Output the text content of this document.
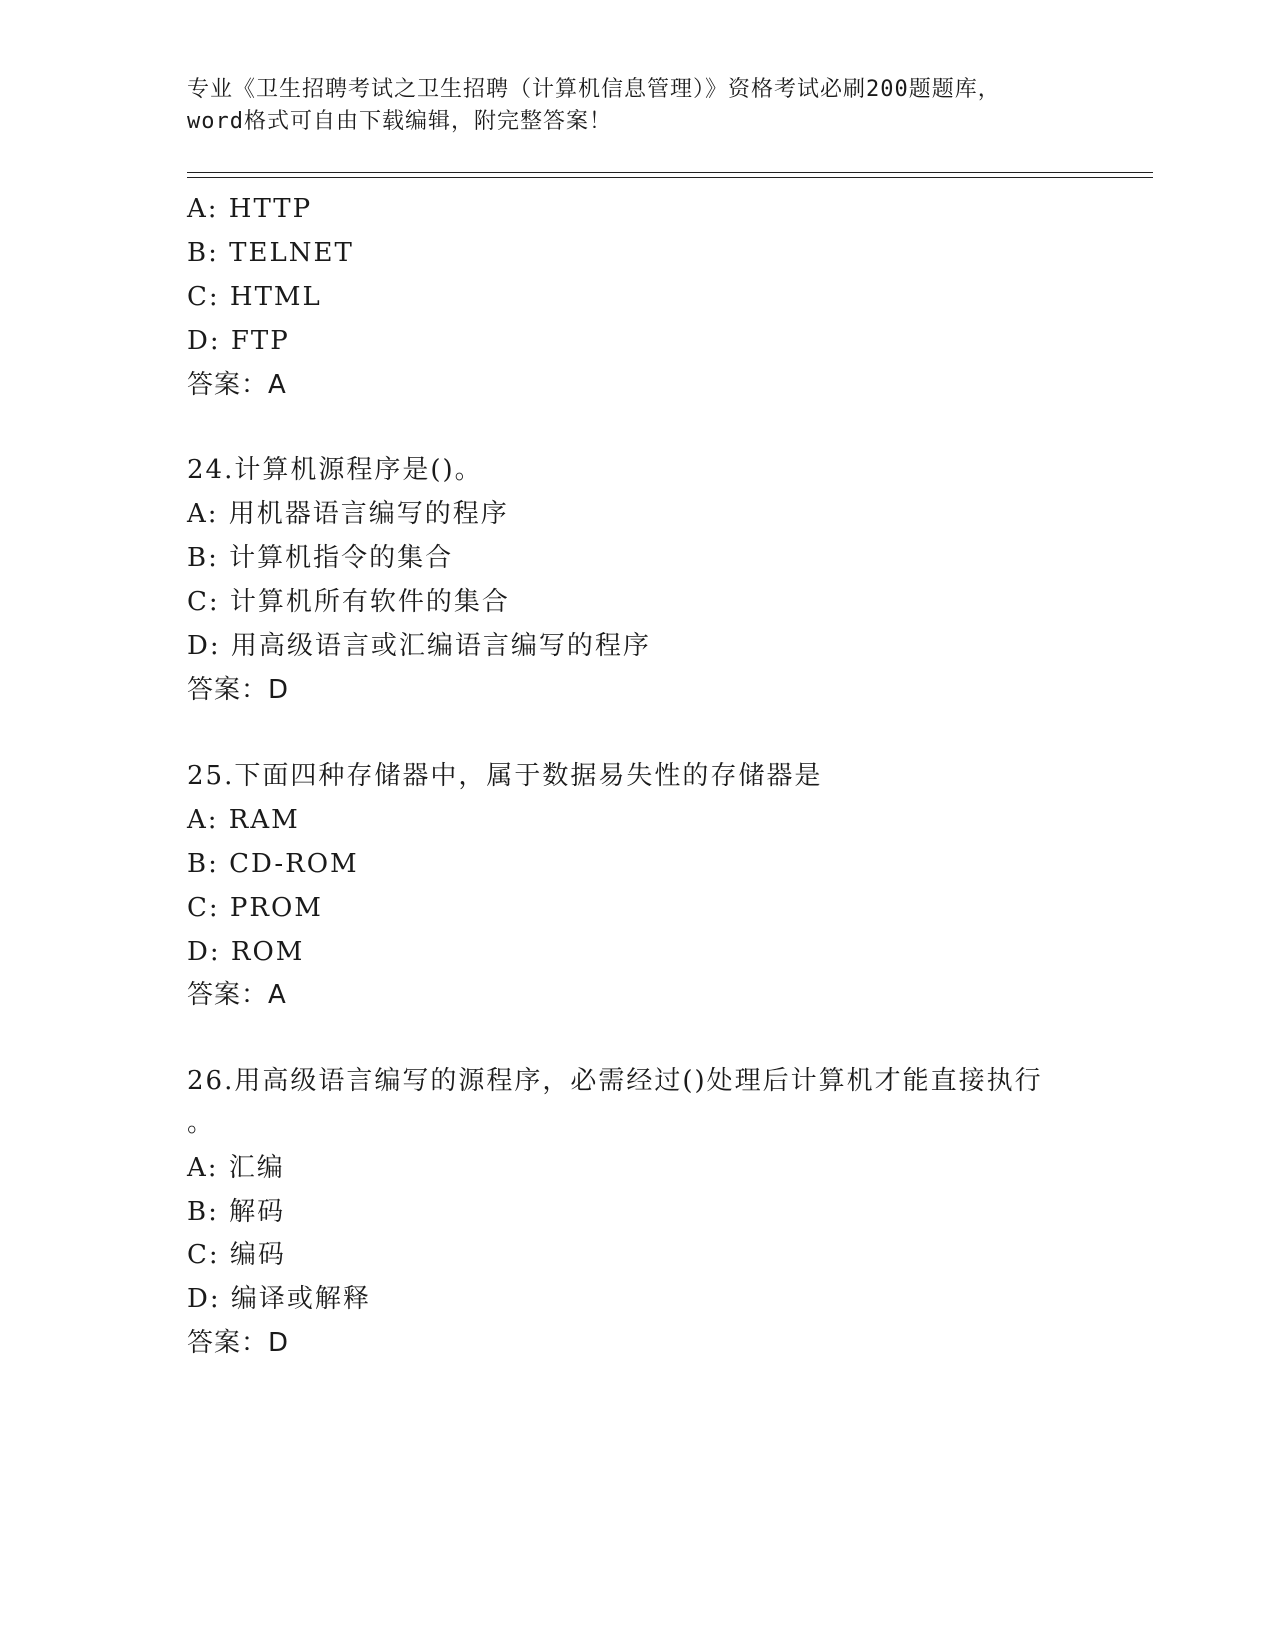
专业《卫生招聘考试之卫生招聘（计算机信息管理）》资格考试必刷200题题库，
word格式可自由下载编辑，附完整答案！
A: HTTP
B: TELNET
C: HTML
D: FTP
答案：A
24.计算机源程序是()。
A: 用机器语言编写的程序
B: 计算机指令的集合
C: 计算机所有软件的集合
D: 用高级语言或汇编语言编写的程序
答案：D
25.下面四种存储器中，属于数据易失性的存储器是
A: RAM
B: CD-ROM
C: PROM
D: ROM
答案：A
26.用高级语言编写的源程序，必需经过()处理后计算机才能直接执行
。
A: 汇编
B: 解码
C: 编码
D: 编译或解释
答案：D
